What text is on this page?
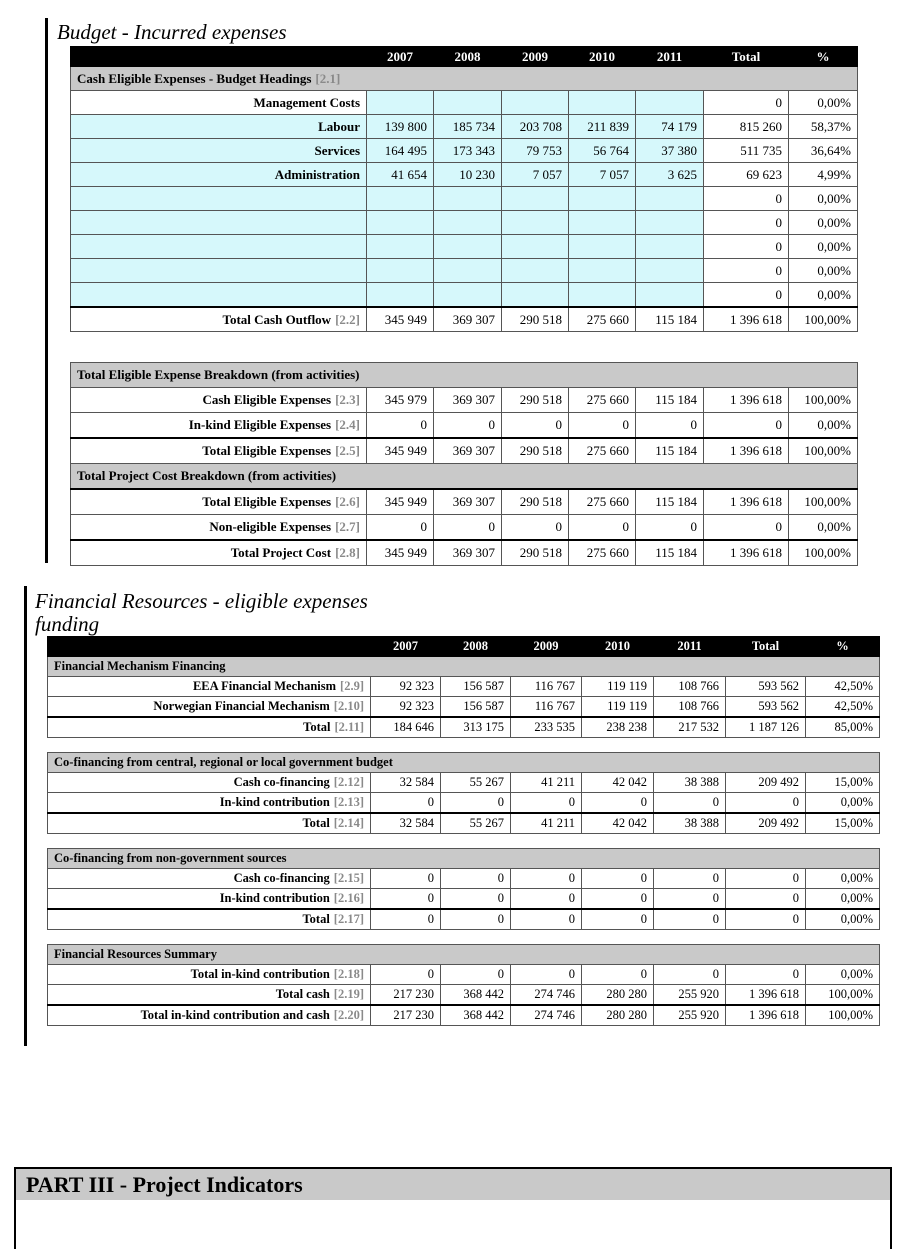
Budget - Incurred expenses
	2007	2008	2009	2010	2011	Total	%
Cash Eligible Expenses - Budget Headings [2.1]							
Management Costs						0	0,00%
Labour	139 800	185 734	203 708	211 839	74 179	815 260	58,37%
Services	164 495	173 343	79 753	56 764	37 380	511 735	36,64%
Administration	41 654	10 230	7 057	7 057	3 625	69 623	4,99%
						0	0,00%
						0	0,00%
						0	0,00%
						0	0,00%
						0	0,00%
Total Cash Outflow [2.2]	345 949	369 307	290 518	275 660	115 184	1 396 618	100,00%
Total Eligible Expense Breakdown (from activities)							
Cash Eligible Expenses [2.3]	345 979	369 307	290 518	275 660	115 184	1 396 618	100,00%
In-kind Eligible Expenses [2.4]	0	0	0	0	0	0	0,00%
Total Eligible Expenses [2.5]	345 949	369 307	290 518	275 660	115 184	1 396 618	100,00%
Total Project Cost Breakdown (from activities)							
Total Eligible Expenses [2.6]	345 949	369 307	290 518	275 660	115 184	1 396 618	100,00%
Non-eligible Expenses [2.7]	0	0	0	0	0	0	0,00%
Total Project Cost [2.8]	345 949	369 307	290 518	275 660	115 184	1 396 618	100,00%
Financial Resources - eligible expenses
funding
	2007	2008	2009	2010	2011	Total	%
Financial Mechanism Financing							
EEA Financial Mechanism [2.9]	92 323	156 587	116 767	119 119	108 766	593 562	42,50%
Norwegian Financial Mechanism [2.10]	92 323	156 587	116 767	119 119	108 766	593 562	42,50%
Total [2.11]	184 646	313 175	233 535	238 238	217 532	1 187 126	85,00%

Co-financing from central, regional or local government budget							
Cash co-financing [2.12]	32 584	55 267	41 211	42 042	38 388	209 492	15,00%
In-kind contribution [2.13]	0	0	0	0	0	0	0,00%
Total [2.14]	32 584	55 267	41 211	42 042	38 388	209 492	15,00%

Co-financing from non-government sources							
Cash co-financing [2.15]	0	0	0	0	0	0	0,00%
In-kind contribution [2.16]	0	0	0	0	0	0	0,00%
Total [2.17]	0	0	0	0	0	0	0,00%

Financial Resources Summary							
Total in-kind contribution [2.18]	0	0	0	0	0	0	0,00%
Total cash [2.19]	217 230	368 442	274 746	280 280	255 920	1 396 618	100,00%
Total in-kind contribution and cash [2.20]	217 230	368 442	274 746	280 280	255 920	1 396 618	100,00%
PART III - Project Indicators
